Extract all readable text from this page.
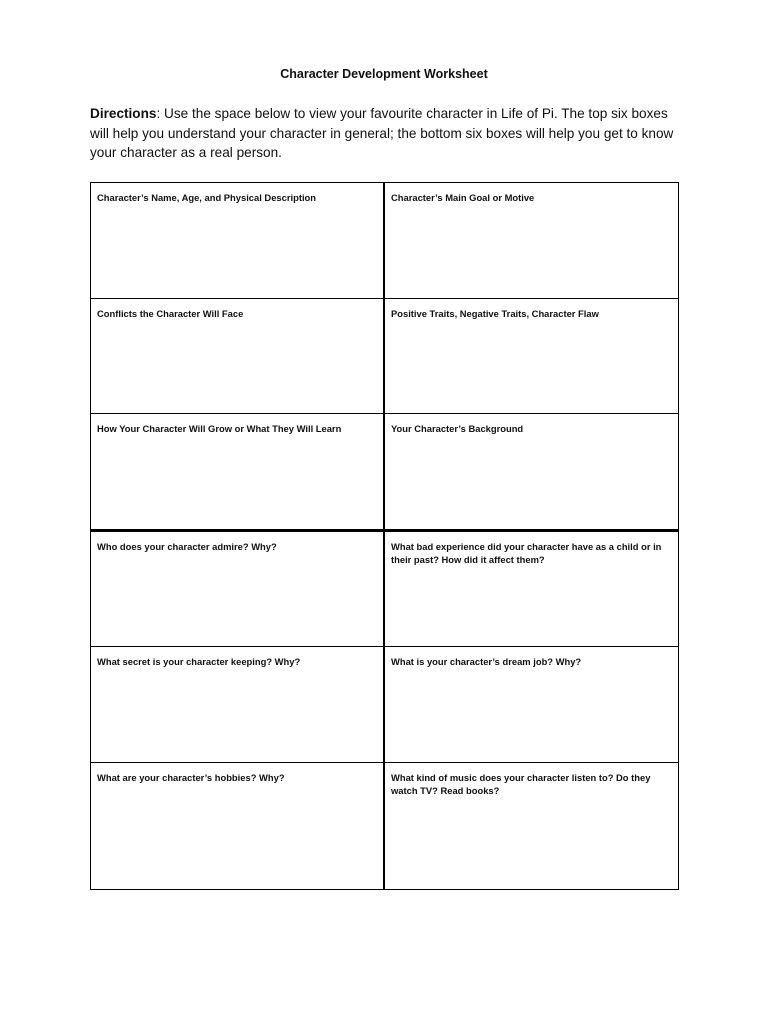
Character Development Worksheet
Directions: Use the space below to view your favourite character in Life of Pi. The top six boxes will help you understand your character in general; the bottom six boxes will help you get to know your character as a real person.
Character’s Name, Age, and Physical Description	Character’s Main Goal or Motive
Conflicts the Character Will Face	Positive Traits, Negative Traits, Character Flaw
How Your Character Will Grow or What They Will Learn	Your Character’s Background
Who does your character admire? Why?	What bad experience did your character have as a child or in their past? How did it affect them?
What secret is your character keeping? Why?	What is your character’s dream job? Why?
What are your character’s hobbies? Why?	What kind of music does your character listen to? Do they watch TV? Read books?
